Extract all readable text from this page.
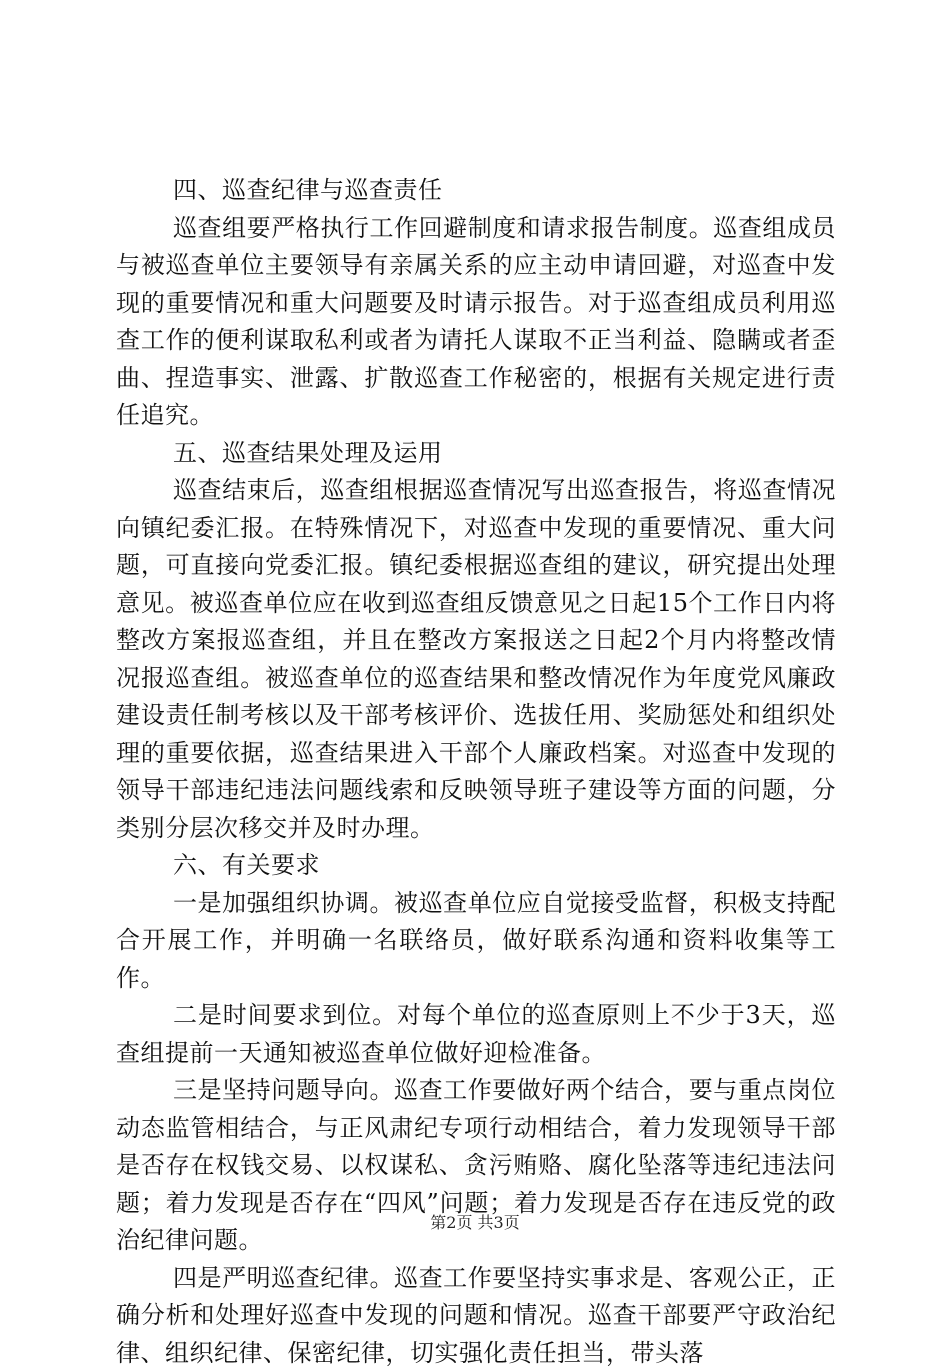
四、巡查纪律与巡查责任

巡查组要严格执行工作回避制度和请求报告制度。巡查组成员与被巡查单位主要领导有亲属关系的应主动申请回避，对巡查中发现的重要情况和重大问题要及时请示报告。对于巡查组成员利用巡查工作的便利谋取私利或者为请托人谋取不正当利益、隐瞒或者歪曲、捏造事实、泄露、扩散巡查工作秘密的，根据有关规定进行责任追究。

五、巡查结果处理及运用

巡查结束后，巡查组根据巡查情况写出巡查报告，将巡查情况向镇纪委汇报。在特殊情况下，对巡查中发现的重要情况、重大问题，可直接向党委汇报。镇纪委根据巡查组的建议，研究提出处理意见。被巡查单位应在收到巡查组反馈意见之日起15个工作日内将整改方案报巡查组，并且在整改方案报送之日起2个月内将整改情况报巡查组。被巡查单位的巡查结果和整改情况作为年度党风廉政建设责任制考核以及干部考核评价、选拔任用、奖励惩处和组织处理的重要依据，巡查结果进入干部个人廉政档案。对巡查中发现的领导干部违纪违法问题线索和反映领导班子建设等方面的问题，分类别分层次移交并及时办理。

六、有关要求

一是加强组织协调。被巡查单位应自觉接受监督，积极支持配合开展工作，并明确一名联络员，做好联系沟通和资料收集等工作。

二是时间要求到位。对每个单位的巡查原则上不少于3天，巡查组提前一天通知被巡查单位做好迎检准备。

三是坚持问题导向。巡查工作要做好两个结合，要与重点岗位动态监管相结合，与正风肃纪专项行动相结合，着力发现领导干部是否存在权钱交易、以权谋私、贪污贿赂、腐化坠落等违纪违法问题；着力发现是否存在“四风”问题；着力发现是否存在违反党的政治纪律问题。

四是严明巡查纪律。巡查工作要坚持实事求是、客观公正，正确分析和处理好巡查中发现的问题和情况。巡查干部要严守政治纪律、组织纪律、保密纪律，切实强化责任担当，带头落

第2页 共3页
